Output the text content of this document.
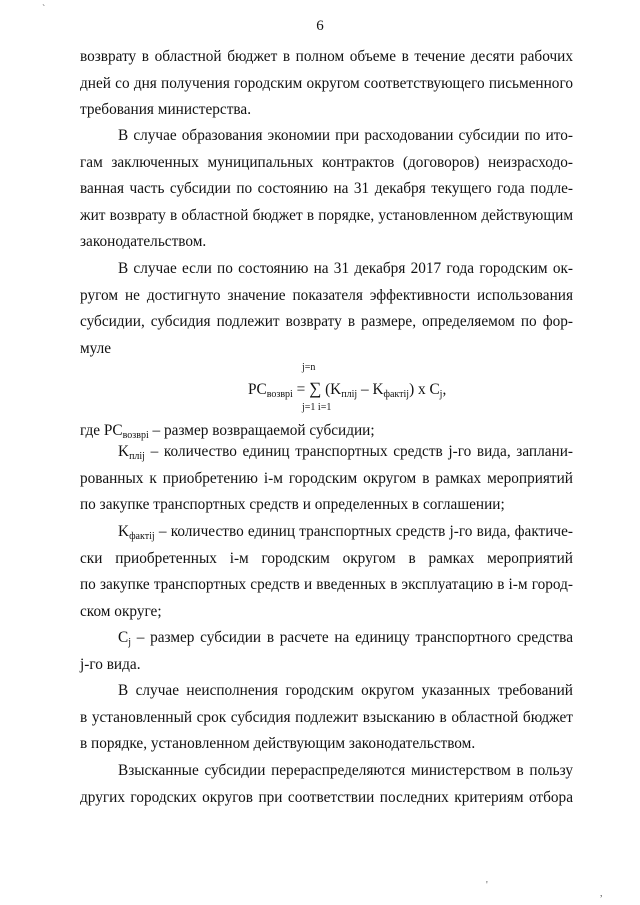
6
`
возврату в областной бюджет в полном объеме в течение десяти рабочих
дней со дня получения городским округом соответствующего письменного
требования министерства.
В случае образования экономии при расходовании субсидии по ито-
гам заключенных муниципальных контрактов (договоров) неизрасходо-
ванная часть субсидии по состоянию на 31 декабря текущего года подле-
жит возврату в областной бюджет в порядке, установленном действующим
законодательством.
В случае если по состоянию на 31 декабря 2017 года городским ок-
ругом не достигнуто значение показателя эффективности использования
субсидии, субсидия подлежит возврату в размере, определяемом по фор-
муле
j=n
$PC_{возврi}$ = ∑ $(K_{плij} - K_{фактij})$ x $C_j$,
j=1 i=1
где $PC_{возврi}$ – размер возвращаемой субсидии;
$K_{плij}$ – количество единиц транспортных средств j-го вида, заплани-
рованных к приобретению i-м городским округом в рамках мероприятий
по закупке транспортных средств и определенных в соглашении;
$K_{фактij}$ – количество единиц транспортных средств j-го вида, фактиче-
ски приобретенных i-м городским округом в рамках мероприятий
по закупке транспортных средств и введенных в эксплуатацию в i-м город-
ском округе;
$C_j$ – размер субсидии в расчете на единицу транспортного средства
j-го вида.
В случае неисполнения городским округом указанных требований
в установленный срок субсидия подлежит взысканию в областной бюджет
в порядке, установленном действующим законодательством.
Взысканные субсидии перераспределяются министерством в пользу
других городских округов при соответствии последних критериям отбора
'
,
